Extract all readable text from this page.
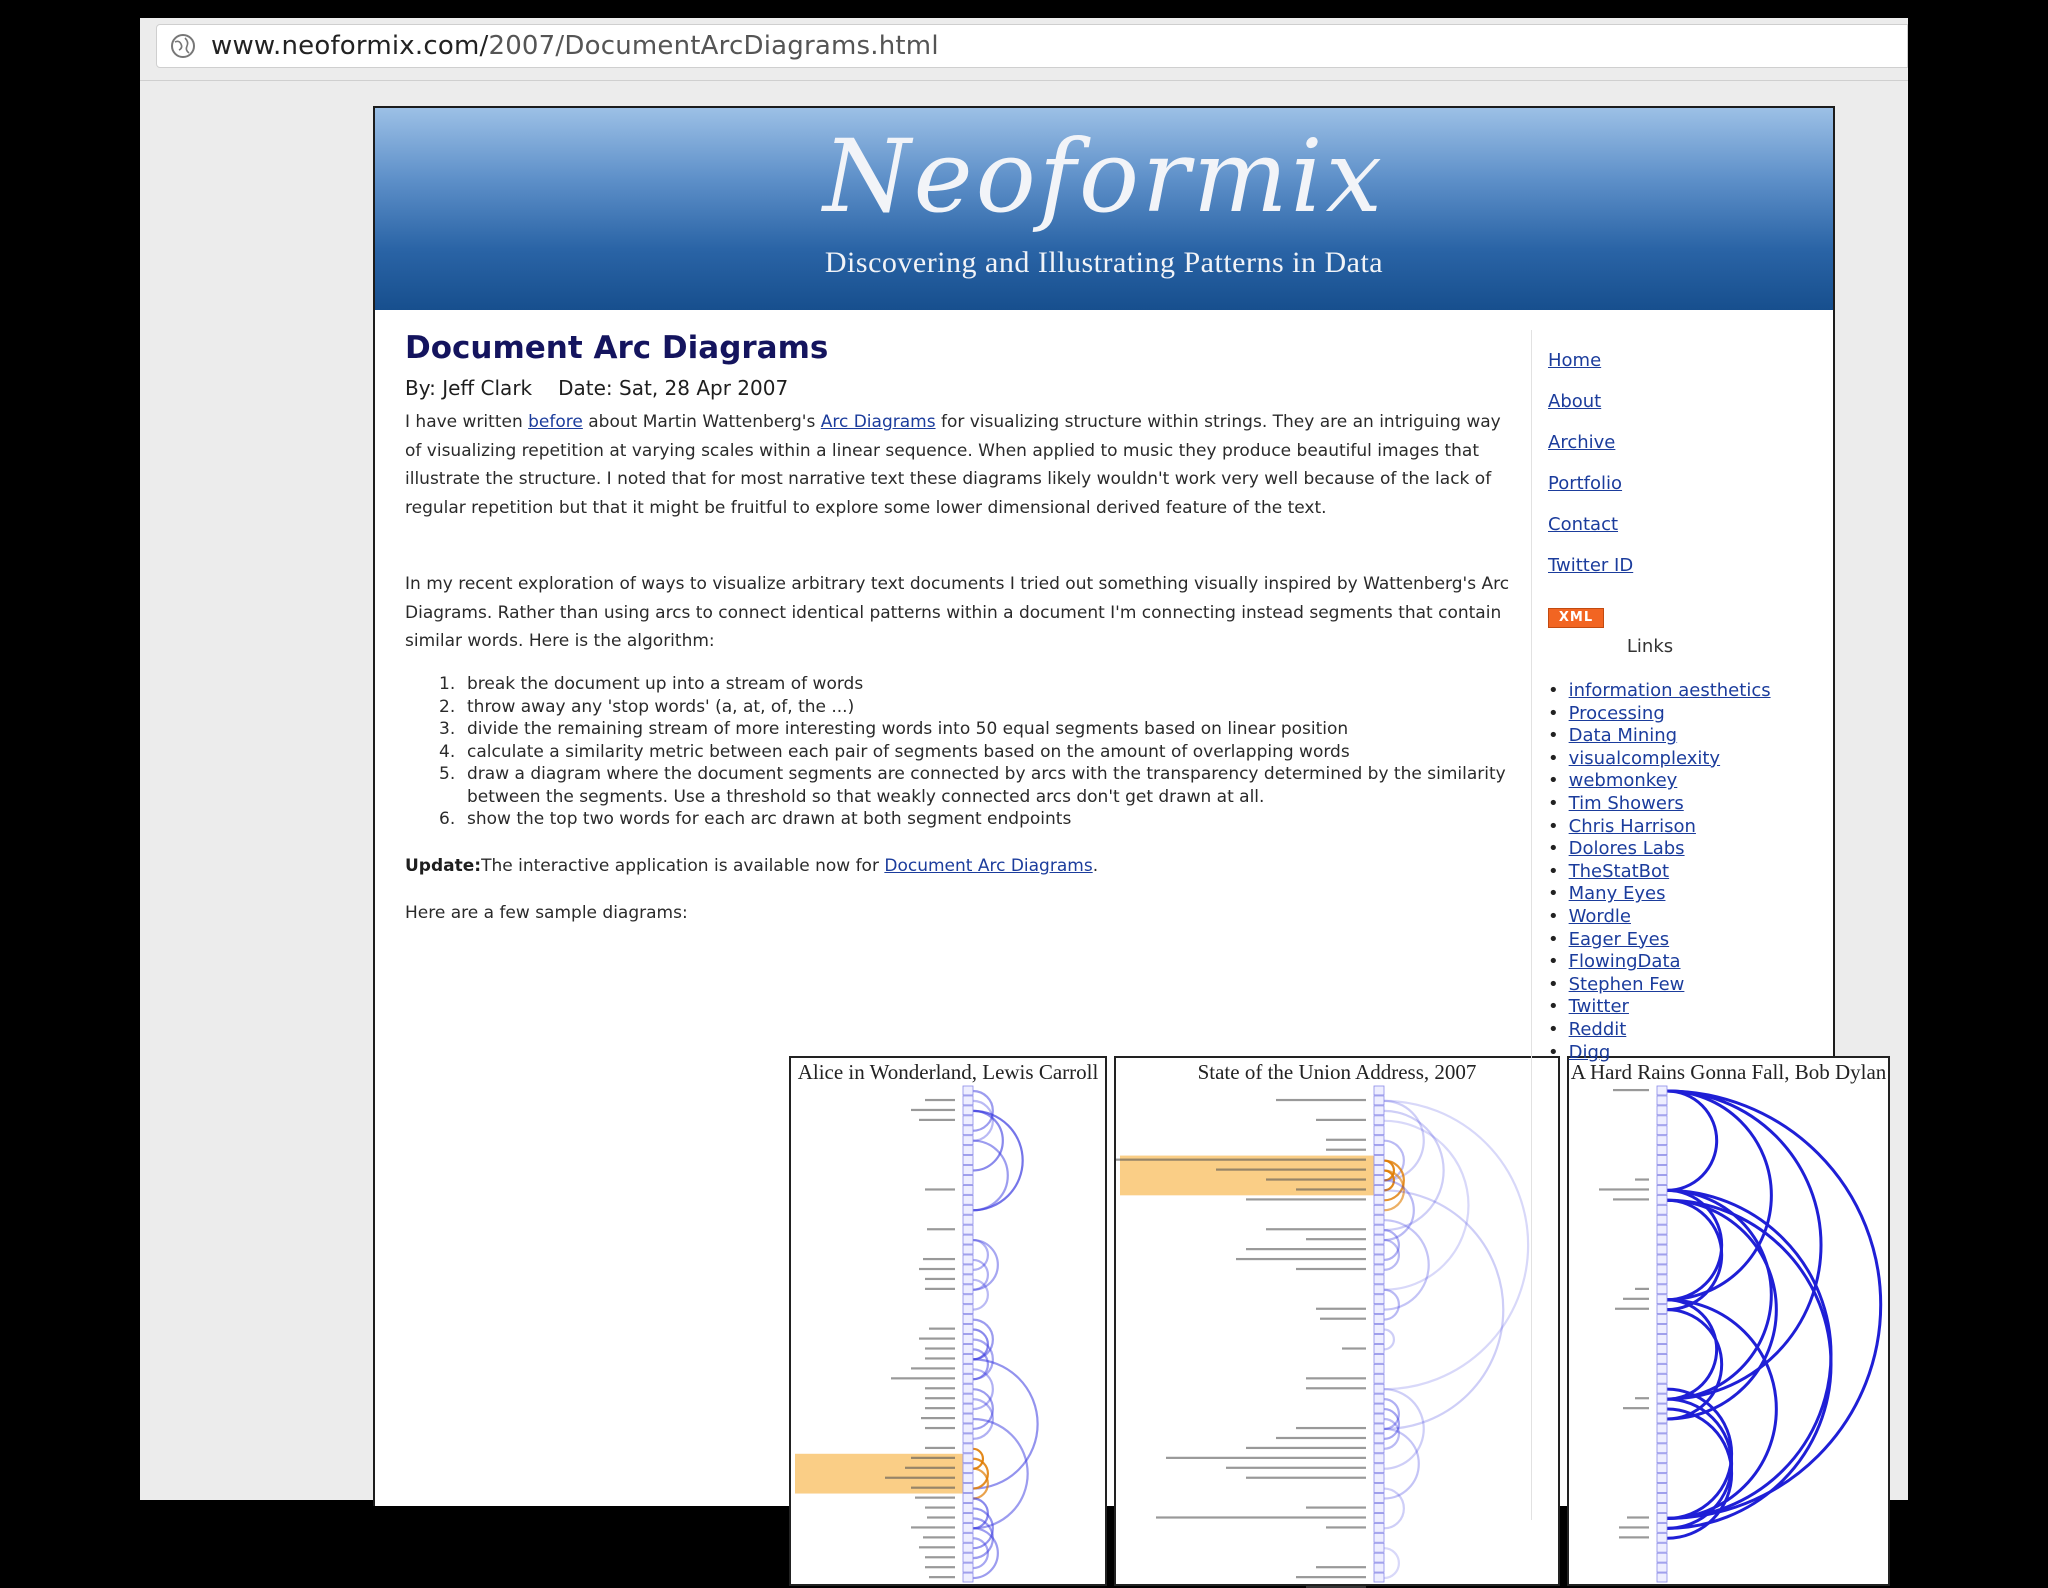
www.neoformix.com/2007/DocumentArcDiagrams.html
Neoformix
Discovering and Illustrating Patterns in Data
Document Arc Diagrams
By: Jeff Clark Date: Sat, 28 Apr 2007
I have written before about Martin Wattenberg's Arc Diagrams for visualizing structure within strings. They are an intriguing way of visualizing repetition at varying scales within a linear sequence. When applied to music they produce beautiful images that illustrate the structure. I noted that for most narrative text these diagrams likely wouldn't work very well because of the lack of regular repetition but that it might be fruitful to explore some lower dimensional derived feature of the text.
In my recent exploration of ways to visualize arbitrary text documents I tried out something visually inspired by Wattenberg's Arc Diagrams. Rather than using arcs to connect identical patterns within a document I'm connecting instead segments that contain similar words. Here is the algorithm:
1. break the document up into a stream of words
2. throw away any 'stop words' (a, at, of, the ...)
3. divide the remaining stream of more interesting words into 50 equal segments based on linear position
4. calculate a similarity metric between each pair of segments based on the amount of overlapping words
5. draw a diagram where the document segments are connected by arcs with the transparency determined by the similarity between the segments. Use a threshold so that weakly connected arcs don't get drawn at all.
6. show the top two words for each arc drawn at both segment endpoints
Update:The interactive application is available now for Document Arc Diagrams.
Here are a few sample diagrams:
Alice in Wonderland, Lewis Carroll	State of the Union Address, 2007	A Hard Rains Gonna Fall, Bob Dylan
Home
About
Archive
Portfolio
Contact
Twitter ID
XML
Links
• information aesthetics
• Processing
• Data Mining
• visualcomplexity
• webmonkey
• Tim Showers
• Chris Harrison
• Dolores Labs
• TheStatBot
• Many Eyes
• Wordle
• Eager Eyes
• FlowingData
• Stephen Few
• Twitter
• Reddit
• Digg
